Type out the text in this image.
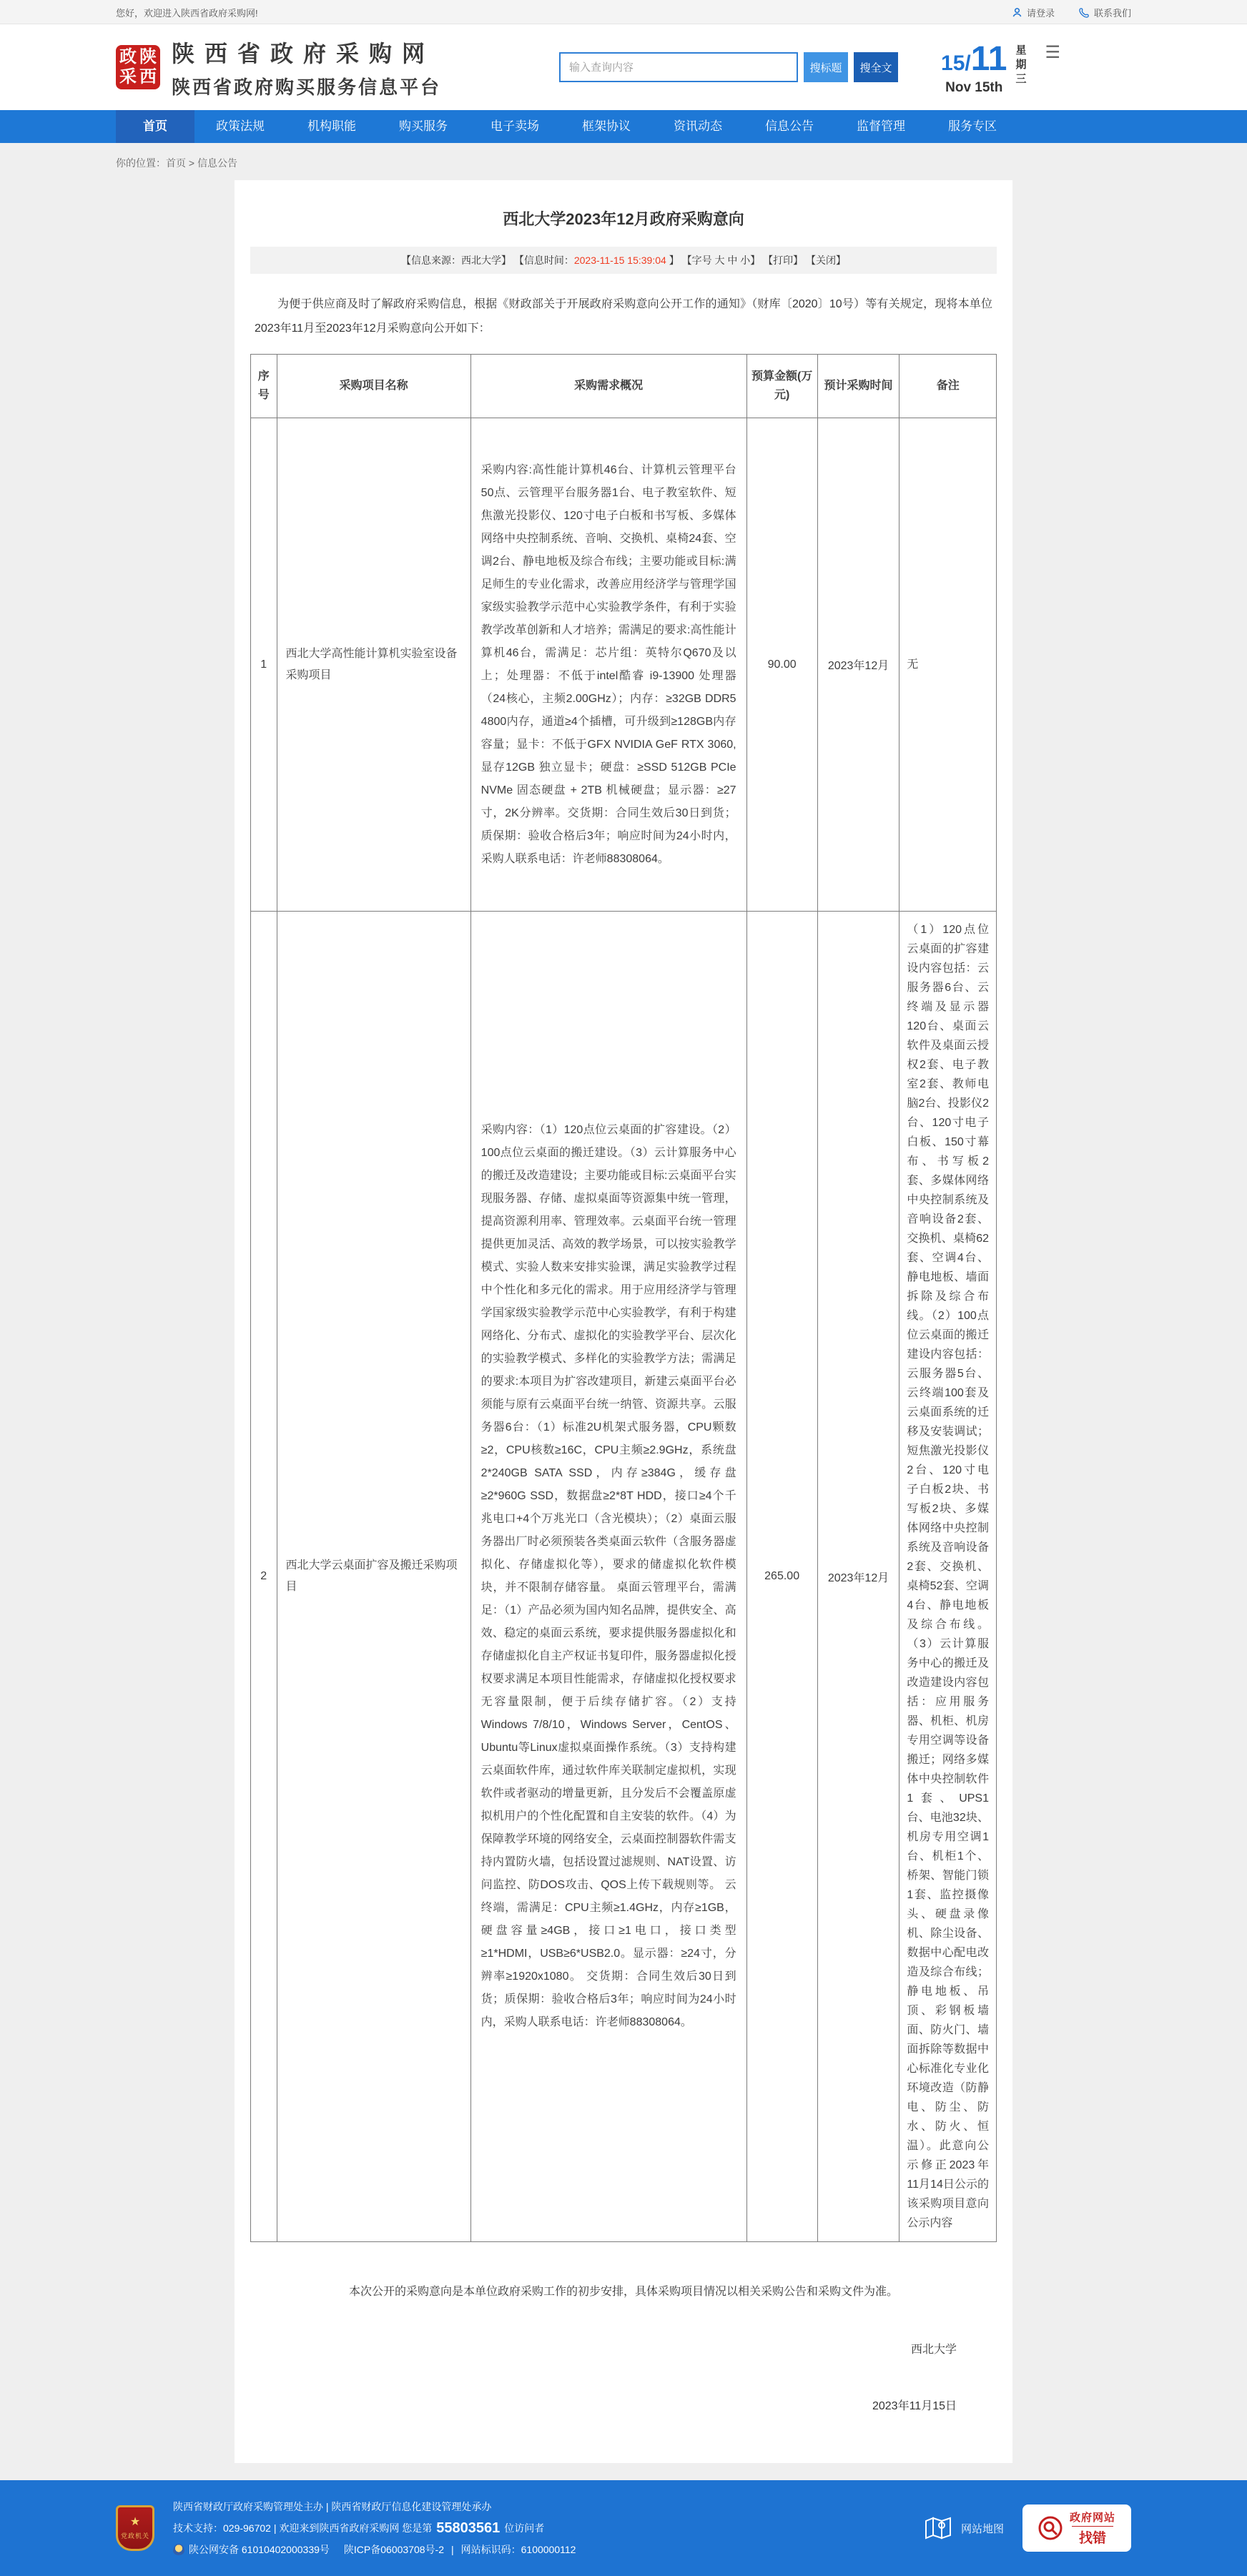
您好，欢迎进入陕西省政府采购网!	请登录	联系我们
政陕
采西
陕西省政府采购网
陕西省政府购买服务信息平台
输入查询内容
搜标题	搜全文 15/11
Nov 15th
星
期
三
☰
首页	政策法规	机构职能	购买服务	电子卖场	框架协议	资讯动态	信息公告	监督管理	服务专区
你的位置：首页 > 信息公告
西北大学2023年12月政府采购意向
【信息来源：西北大学】 【信息时间：2023-11-15 15:39:04 】 【字号 大 中 小】 【打印】 【关闭】

为便于供应商及时了解政府采购信息，根据《财政部关于开展政府采购意向公开工作的通知》（财库〔2020〕10号）等有关规定，现将本单位2023年11月至2023年12月采购意向公开如下：

序号	采购项目名称	采购需求概况	预算金额(万元)	预计采购时间	备注
1	西北大学高性能计算机实验室设备采购项目	采购内容:高性能计算机46台、计算机云管理平台50点、云管理平台服务器1台、电子教室软件、短焦激光投影仪、120寸电子白板和书写板、多媒体网络中央控制系统、音响、交换机、桌椅24套、空调2台、静电地板及综合布线；主要功能或目标:满足师生的专业化需求，改善应用经济学与管理学国家级实验教学示范中心实验教学条件，有利于实验教学改革创新和人才培养；需满足的要求:高性能计算机46台，需满足：芯片组：英特尔Q670及以上；处理器：不低于intel酷睿 i9-13900 处理器（24核心，主频2.00GHz）；内存：≥32GB DDR5 4800内存，通道≥4个插槽，可升级到≥128GB内存容量；显卡：不低于GFX NVIDIA GeF RTX 3060, 显存12GB 独立显卡；硬盘：≥SSD 512GB PCIe NVMe 固态硬盘 + 2TB 机械硬盘；显示器：≥27寸，2K分辨率。交货期：合同生效后30日到货；质保期：验收合格后3年；响应时间为24小时内，采购人联系电话：许老师88308064。	90.00	2023年12月	无
2	西北大学云桌面扩容及搬迁采购项目	采购内容：（1）120点位云桌面的扩容建设。（2）100点位云桌面的搬迁建设。（3）云计算服务中心的搬迁及改造建设；主要功能或目标:云桌面平台实现服务器、存储、虚拟桌面等资源集中统一管理，提高资源利用率、管理效率。云桌面平台统一管理提供更加灵活、高效的教学场景，可以按实验教学模式、实验人数来安排实验课，满足实验教学过程中个性化和多元化的需求。用于应用经济学与管理学国家级实验教学示范中心实验教学，有利于构建网络化、分布式、虚拟化的实验教学平台、层次化的实验教学模式、多样化的实验教学方法；需满足的要求:本项目为扩容改建项目，新建云桌面平台必须能与原有云桌面平台统一纳管、资源共享。云服务器6台：（1）标准2U机架式服务器，CPU颗数≥2，CPU核数≥16C，CPU主频≥2.9GHz，系统盘2*240GB SATA SSD，内存≥384G，缓存盘≥2*960G SSD，数据盘≥2*8T HDD，接口≥4个千兆电口+4个万兆光口（含光模块）；（2）桌面云服务器出厂时必须预装各类桌面云软件（含服务器虚拟化、存储虚拟化等），要求的储虚拟化软件模块，并不限制存储容量。 桌面云管理平台，需满足：（1）产品必须为国内知名品牌，提供安全、高效、稳定的桌面云系统，要求提供服务器虚拟化和存储虚拟化自主产权证书复印件，服务器虚拟化授权要求满足本项目性能需求，存储虚拟化授权要求无容量限制，便于后续存储扩容。（2）支持 Windows 7/8/10，Windows Server，CentOS、Ubuntu等Linux虚拟桌面操作系统。（3）支持构建云桌面软件库，通过软件库关联制定虚拟机，实现软件或者驱动的增量更新，且分发后不会覆盖原虚拟机用户的个性化配置和自主安装的软件。（4）为保障教学环境的网络安全，云桌面控制器软件需支持内置防火墙，包括设置过滤规则、NAT设置、访问监控、防DOS攻击、QOS上传下载规则等。 云终端，需满足：CPU主频≥1.4GHz，内存≥1GB，硬盘容量≥4GB，接口≥1电口，接口类型≥1*HDMI，USB≥6*USB2.0。显示器：≥24寸，分辨率≥1920x1080。 交货期：合同生效后30日到货；质保期：验收合格后3年；响应时间为24小时内，采购人联系电话：许老师88308064。	265.00	2023年12月	（1）120点位云桌面的扩容建设内容包括：云服务器6台、云终端及显示器120台、桌面云软件及桌面云授权2套、电子教室2套、教师电脑2台、投影仪2台、120寸电子白板、150寸幕布、书写板2套、多媒体网络中央控制系统及音响设备2套、交换机、桌椅62套、空调4台、静电地板、墙面拆除及综合布线。（2）100点位云桌面的搬迁建设内容包括：云服务器5台、云终端100套及云桌面系统的迁移及安装调试；短焦激光投影仪2台、120寸电子白板2块、书写板2块、多媒体网络中央控制系统及音响设备2套、交换机、桌椅52套、空调4台、静电地板及综合布线。（3）云计算服务中心的搬迁及改造建设内容包括：应用服务器、机柜、机房专用空调等设备搬迁；网络多媒体中央控制软件1套、UPS1台、电池32块、机房专用空调1台、机柜1个、桥架、智能门锁1套、监控摄像头、硬盘录像机、除尘设备、数据中心配电改造及综合布线；静电地板、吊顶、彩钢板墙面、防火门、墙面拆除等数据中心标准化专业化环境改造（防静电、防尘、防水、防火、恒温）。此意向公示修正2023年11月14日公示的该采购项目意向公示内容

本次公开的采购意向是本单位政府采购工作的初步安排，具体采购项目情况以相关采购公告和采购文件为准。

西北大学
2023年11月15日
★
党政机关
陕西省财政厅政府采购管理处主办 | 陕西省财政厅信息化建设管理处承办
技术支持：029-96702 | 欢迎来到陕西省政府采购网 您是第 55803561 位访问者
陕公网安备 61010402000339号 陕ICP备06003708号-2 | 网站标识码：6100000112
网站地图
政府网站
找错
